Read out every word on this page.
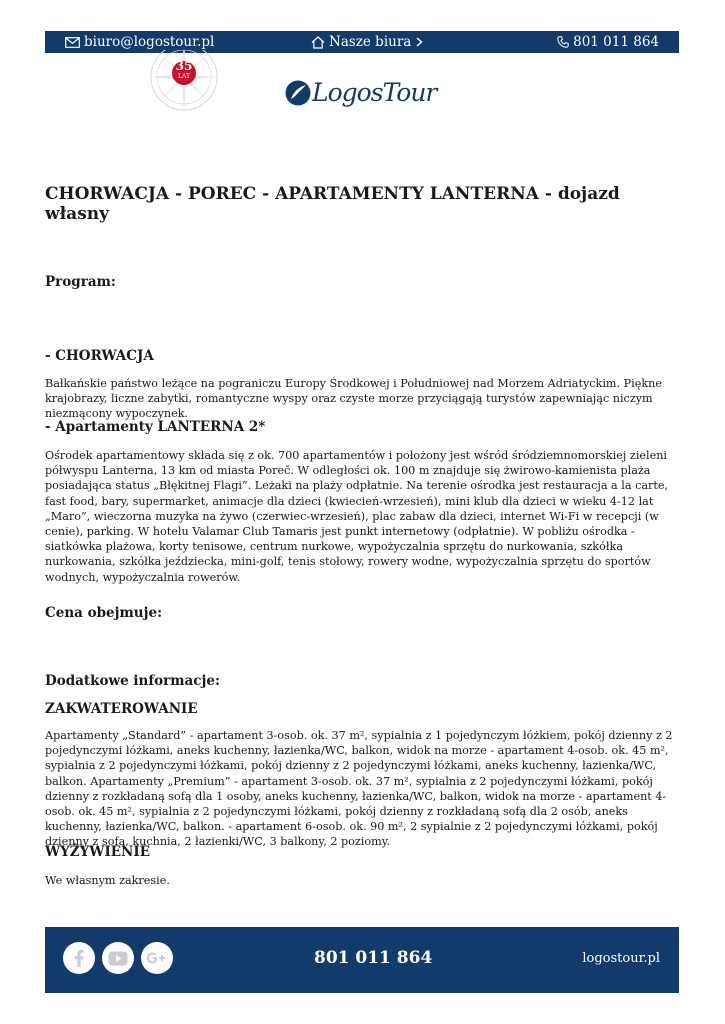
biuro@logostour.pl	Nasze biura	801 011 864
35
LAT
LogosTour
CHORWACJA - POREC - APARTAMENTY LANTERNA - dojazd własny

Program:

- CHORWACJA

Bałkańskie państwo leżące na pograniczu Europy Środkowej i Południowej nad Morzem Adriatyckim. Piękne krajobrazy, liczne zabytki, romantyczne wyspy oraz czyste morze przyciągają turystów zapewniając niczym niezmącony wypoczynek.

- Apartamenty LANTERNA 2*

Ośrodek apartamentowy składa się z ok. 700 apartamentów i położony jest wśród śródziemnomorskiej zieleni półwyspu Lanterna, 13 km od miasta Poreč. W odległości ok. 100 m znajduje się żwirowo-kamienista plaża posiadająca status „Błękitnej Flagi”. Leżaki na plaży odpłatnie. Na terenie ośrodka jest restauracja a la carte, fast food, bary, supermarket, animacje dla dzieci (kwiecień-wrzesień), mini klub dla dzieci w wieku 4-12 lat „Maro”, wieczorna muzyka na żywo (czerwiec-wrzesień), plac zabaw dla dzieci, internet Wi-Fi w recepcji (w cenie), parking. W hotelu Valamar Club Tamaris jest punkt internetowy (odpłatnie). W pobliżu ośrodka - siatkówka plażowa, korty tenisowe, centrum nurkowe, wypożyczalnia sprzętu do nurkowania, szkółka nurkowania, szkółka jeździecka, mini-golf, tenis stołowy, rowery wodne, wypożyczalnia sprzętu do sportów wodnych, wypożyczalnia rowerów.

Cena obejmuje:

Dodatkowe informacje:

ZAKWATEROWANIE

Apartamenty „Standard” - apartament 3-osob. ok. 37 m², sypialnia z 1 pojedynczym łóżkiem, pokój dzienny z 2 pojedynczymi łóżkami, aneks kuchenny, łazienka/WC, balkon, widok na morze - apartament 4-osob. ok. 45 m², sypialnia z 2 pojedynczymi łóżkami, pokój dzienny z 2 pojedynczymi łóżkami, aneks kuchenny, łazienka/WC, balkon. Apartamenty „Premium” - apartament 3-osob. ok. 37 m², sypialnia z 2 pojedynczymi łóżkami, pokój dzienny z rozkładaną sofą dla 1 osoby, aneks kuchenny, łazienka/WC, balkon, widok na morze - apartament 4-osob. ok. 45 m², sypialnia z 2 pojedynczymi łóżkami, pokój dzienny z rozkładaną sofą dla 2 osób, aneks kuchenny, łazienka/WC, balkon. - apartament 6-osob. ok. 90 m², 2 sypialnie z 2 pojedynczymi łóżkami, pokój dzienny z sofą, kuchnia, 2 łazienki/WC, 3 balkony, 2 poziomy.

WYŻYWIENIE

We własnym zakresie.

801 011 864	logostour.pl
